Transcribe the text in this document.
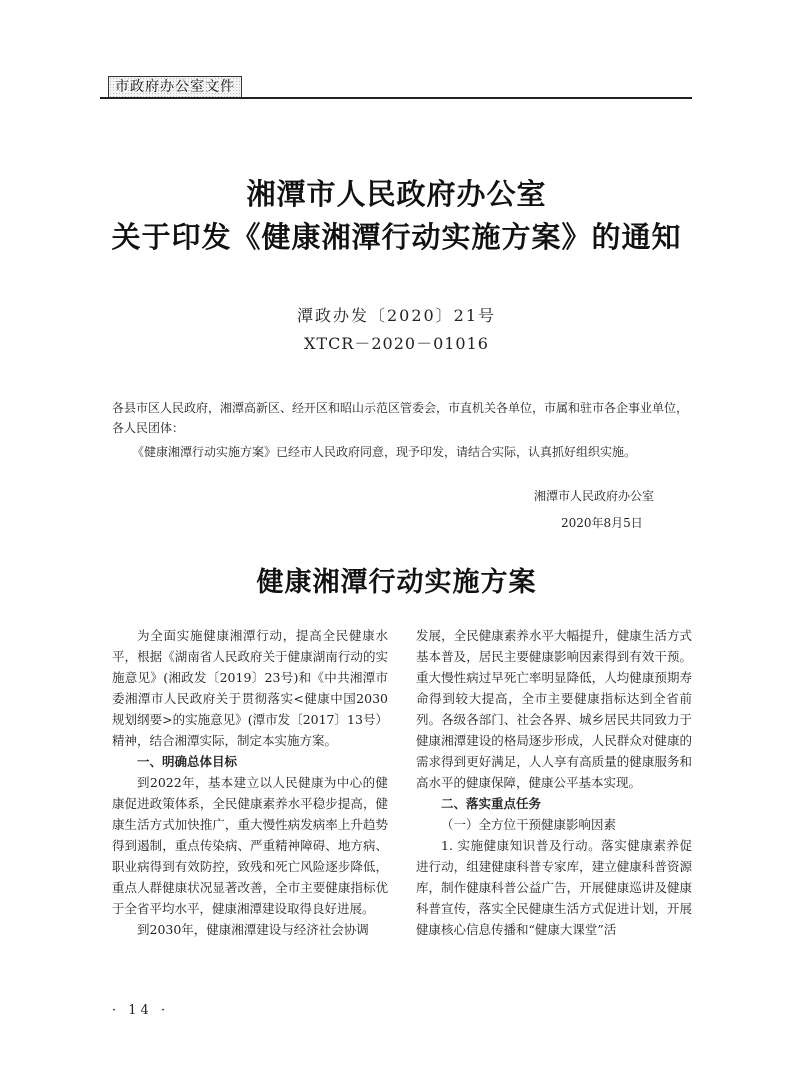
市政府办公室文件
湘潭市人民政府办公室
关于印发《健康湘潭行动实施方案》的通知
潭政办发〔2020〕21号
XTCR－2020－01016
各县市区人民政府，湘潭高新区、经开区和昭山示范区管委会，市直机关各单位，市属和驻市各企事业单位，各人民团体：
《健康湘潭行动实施方案》已经市人民政府同意，现予印发，请结合实际，认真抓好组织实施。
湘潭市人民政府办公室
2020年8月5日
健康湘潭行动实施方案

为全面实施健康湘潭行动，提高全民健康水平，根据《湖南省人民政府关于健康湖南行动的实施意见》(湘政发〔2019〕23号)和《中共湘潭市委湘潭市人民政府关于贯彻落实<健康中国2030规划纲要>的实施意见》(潭市发〔2017〕13号）精神，结合湘潭实际，制定本实施方案。

一、明确总体目标

到2022年，基本建立以人民健康为中心的健康促进政策体系，全民健康素养水平稳步提高，健康生活方式加快推广，重大慢性病发病率上升趋势得到遏制，重点传染病、严重精神障碍、地方病、职业病得到有效防控，致残和死亡风险逐步降低，重点人群健康状况显著改善，全市主要健康指标优于全省平均水平，健康湘潭建设取得良好进展。

到2030年，健康湘潭建设与经济社会协调

发展，全民健康素养水平大幅提升，健康生活方式基本普及，居民主要健康影响因素得到有效干预。重大慢性病过早死亡率明显降低，人均健康预期寿命得到较大提高，全市主要健康指标达到全省前列。各级各部门、社会各界、城乡居民共同致力于健康湘潭建设的格局逐步形成，人民群众对健康的需求得到更好满足，人人享有高质量的健康服务和高水平的健康保障，健康公平基本实现。

二、落实重点任务

（一）全方位干预健康影响因素

1. 实施健康知识普及行动。落实健康素养促进行动，组建健康科普专家库，建立健康科普资源库，制作健康科普公益广告，开展健康巡讲及健康科普宣传，落实全民健康生活方式促进计划，开展健康核心信息传播和“健康大课堂”活

· 14 ·
